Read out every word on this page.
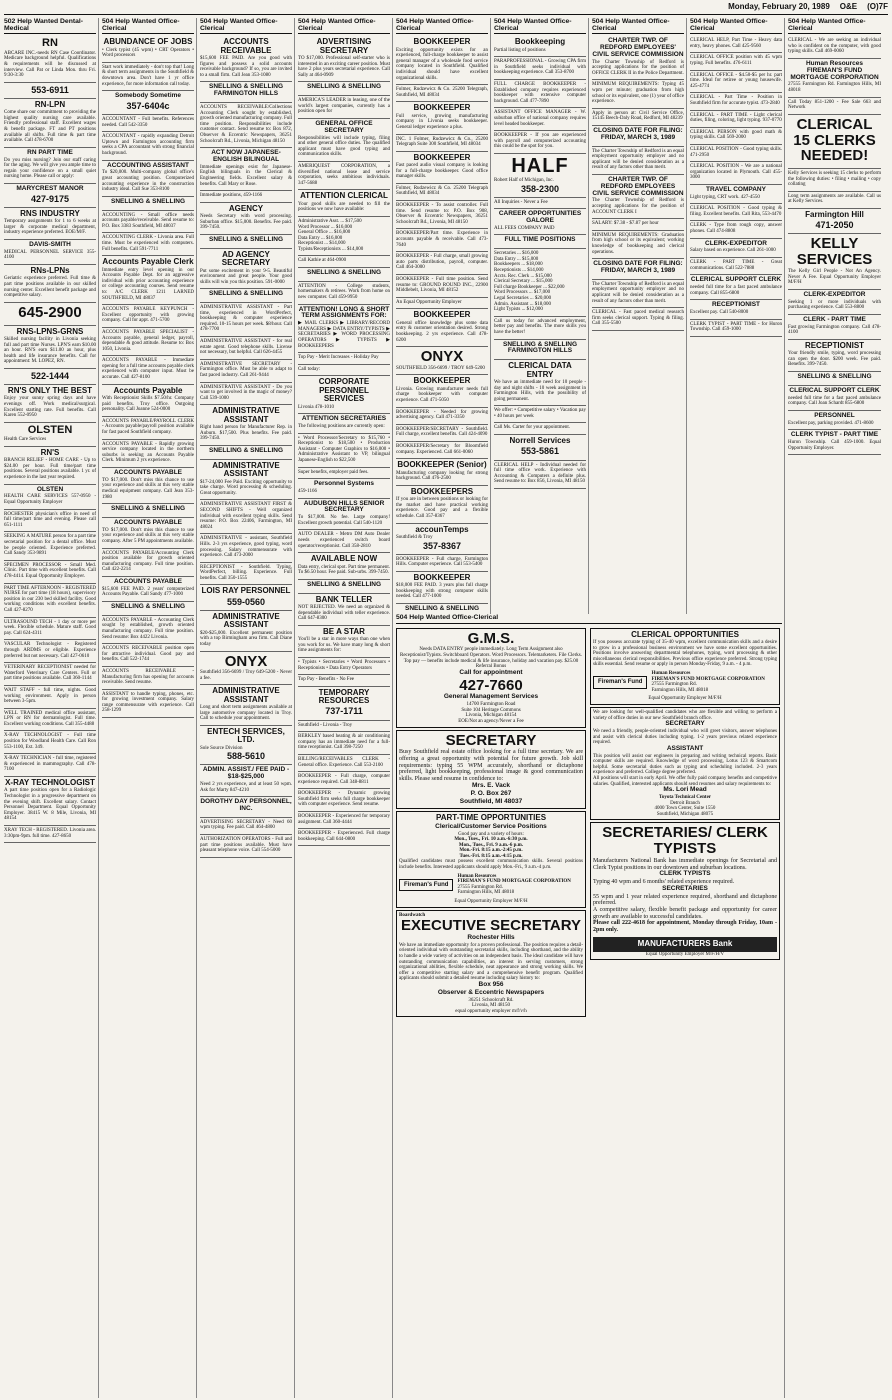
Monday, February 20, 1989 O&E (O)7F
502 Help Wanted Dental-Medical
RN
ABCARE INC.-needs RN Case Coordinator. Medicare background helpful. Qualifications & requirements will be discussed at interview. Call Pat or Linda Mon. thru Fri. 9:30-3:30
553-6911
RN-LPN
Come share our commitment to providing the highest quality nursing care available. Friendly professional staff. Excellent wages & benefit package. FT and PT positions available all shifts. Full time & part time available. Call 478-6700
RN PART TIME
Do you miss nursing? Join our staff caring for the aging. We will give you ample time to regain your confidence on a small quiet nursing home. Please call or apply:
MARYCREST MANOR
427-9175
RNS INDUSTRY
Temporary assignments for 1 to 6 weeks at larger & corporate medical department, industry experience preferred. EOE/M/F.
DAVIS-SMITH
MEDICAL PERSONNEL SERVICE 355-4100
RNs-LPNs
Geriatric experience preferred. Full time & part time positions available in our skilled nursing center. Excellent benefit package and competitive salary.
645-2900
RNS-LPNS-GRNS
Skilled nursing facility in Livonia seeking full and part time Nurses. LPN'S earn $10.00 an hour. RN'S earn $11.00 an hour, plus health and life insurance benefits. Call for appointment: M. LOPEZ, RN.
522-1444
RN'S ONLY THE BEST
Enjoy your sunny spring days and have evenings off. Work medical/surgical. Excellent starting rate. Full benefits. Call Karen 552-0950
OLSTEN
Health Care Services
RN'S
BRANCH RELIEF - HOME CARE - Up to $24.00 per hour. Full time/part time positions. Several positions available. 1 yr. of experience in the last year required.
OLSTEN
HEALTH CARE SERVICES 557-0950 - Equal Opportunity Employer
ROCHESTER physician's office in need of full time/part time and evening. Please call 651-1111
SEEKING A MATURE person for a part time secretarial position for a dental office. Must be people oriented. Experience preferred. Call Sandy 353-9891
SPECIMEN PROCESSOR - Small Med. Clinic. Part time with excellent benefits. Call 478-4414. Equal Opportunity Employer.
PART TIME AFTERNOON - REGISTERED NURSE for part time (18 hours), supervisory position in our 230 bed skilled facility. Good working conditions with excellent benefits. Call 427-8270
ULTRASOUND TECH - 1 day or more per week. Flexible schedule. Mature staff. Good pay. Call 624-4311
VASCULAR Technologist - Registered through ARDMS or eligible. Experience preferred but not necessary. Call 427-0610
VETERINARY RECEPTIONIST needed for Waterford Veterinary Care Centers. Full or part time positions available. Call 360-1144
WAIT STAFF - full time, nights. Good working environment. Apply in person between 3-5pm.
WELL TRAINED medical office assistant, LPN or RN for dermatologist. Full time. Excellent working conditions. Call 355-4488
X-RAY TECHNOLOGIST - Full time position for Woodland Health Care. Call Ron 553-1100, Ext. 349.
X-RAY TECHNICIAN - full time, registered & experienced in mammography. Call 478-7100
X-RAY TECHNOLOGIST
A part time position open for a Radiologic Technologist in a progressive department on the evening shift. Excellent salary. Contact Personnel Department. Equal Opportunity Employer. 38415 W. 8 Mile, Livonia, MI 48154
XRAY TECH - REGISTERED. Livonia area. 3:30pm-9pm. full time. 427-8650
504 Help Wanted Office-Clerical
ABUNDANCE OF JOBS
• Clerk typist (45 wpm) • CRT Operators • Word processors
Start work immediately - don't top that! Long & short term assignments in the Southfield & downtown area. Don't have 1 yr office experience, for more information call today.
Somebody Sometime
357-6404c
ACCOUNTANT - Full benefits. References needed. Call 542-3350
ACCOUNTANT - rapidly expanding Detroit Uptown and Farmington accounting firm seeks a CPA accountant with strong financial background.
ACCOUNTING ASSISTANT
To $20,000. Multi-company global office's great accounting position. Computerized accounting experience in the construction industry ideal. Call Sue 353-8100
SNELLING & SNELLING
ACCOUNTING - Small office needs accounts payable/receivable. Send resume to: P.O. Box 3383 Southfield, MI 48037
ACCOUNTING CLERK - Livonia area. Full time. Must be experienced with computers. Full benefits. Call 591-7711
Accounts Payable Clerk
Immediate entry level opening in our Accounts Payable Dept. for an aggressive individual with prior accounting experience or college accounting courses. Send resume to: A/C CLERK 1211 LARNED SOUTHFIELD, MI 48037
ACCOUNTS PAYABLE KEYPUNCH - Excellent opportunity with growing company. Call for appt. 471-5700
ACCOUNTS PAYABLE SPECIALIST - Accounts payable, general ledger, payroll, dependable & good attitude. Resume to: Box 1050, Livonia.
ACCOUNTS PAYABLE - Immediate opening for a full time accounts payable clerk experienced with computer input. Must be accurate. Call 427-8100
Accounts Payable
With Receptionist Skills $7.50/hr. Company paid benefits. Troy office. Outgoing personality. Call Joanne 524-0000
ACCOUNTS PAYABLE/PAYROLL CLERK - Accounts payable/payroll position available for fast paced Southfield company.
ACCOUNTS PAYABLE - Rapidly growing service company located in the northern suburbs is seeking an Accounts Payable Clerk. Minimum 2 yrs experience.
ACCOUNTS PAYABLE
TO $17,000. Don't miss this chance to use your experience and skills at this very stable medical equipment company. Call Jean 353-1980
SNELLING & SNELLING
ACCOUNTS PAYABLE
TO $17,000. Don't miss this chance to use your experience and skills at this very stable company. After 5 PM appointments available.
ACCOUNTS PAYABLE/Accounting Clerk position available for growth oriented manufacturing company. Full time position. Call 422-2214
ACCOUNTS PAYABLE
$15,600 FEE PAID. 2 years' computerized Accounts Payable. Call Sandy 477-1000
SNELLING & SNELLING
ACCOUNTS PAYABLE - Accounting Clerk sought by established, growth oriented manufacturing company. Full time position. Send resume: Box 4422 Livonia.
ACCOUNTS RECEIVABLE position open for attractive individual. Good pay and benefits. Call 522-1744
ACCOUNTS RECEIVABLE - Manufacturing firm has opening for accounts receivable. Send resume.
ASSISTANT to handle typing, phones, etc. for growing investment company. Salary range commensurate with experience. Call 258-1299
504 Help Wanted Office-Clerical
ACCOUNTS RECEIVABLE
$15,600 FEE PAID. Are you good with figures and possess a solid accounts receivable background? If so, you are invited to a small firm. Call Jean 353-1080
SNELLING & SNELLING FARMINGTON HILLS
ACCOUNTS RECEIVABLE/Collections Accounting Clerk sought by established, growth oriented manufacturing company. Full time position. Responsibilities include customer contact. Send resume to: Box 872, Observer & Eccentric Newspapers, 36251 Schoolcraft Rd., Livonia, Michigan 48150
ACT NOW JAPANESE-ENGLISH BILINGUAL
Immediate openings exist for Japanese-English bilinguals in the Clerical & Engineering fields. Excellent salary & benefits. Call Mary or Rose.
Immediate positions, 459-1166
AGENCY
Needs Secretary with word processing. Suburban office. $15,000. Benefits. Fee paid. 399-7450.
SNELLING & SNELLING
AD AGENCY SECRETARY
Put some excitement in your 9-5. Beautiful environment and great people. Your good skills will win you this position. 591-0000
SNELLING & SNELLING
ADMINISTRATIVE ASSISTANT - Part time, experienced in WordPerfect, bookkeeping & computer experience required. 10-15 hours per week. $8/hour. Call 478-7700
ADMINISTRATIVE ASSISTANT - for real estate agent. Good telephone skills. License not necessary, but helpful. Call 626-4455
ADMINISTRATIVE SECRETARY - Farmington office. Must be able to adapt to fast paced industry. Call 261-9444
ADMINISTRATIVE ASSISTANT - Do you want to get involved in the magic of money? Call 539-1000
ADMINISTRATIVE ASSISTANT
Right hand person for Manufacturer Rep. in Auburn. $17,500. Plus benefits. Fee paid. 399-7450.
SNELLING & SNELLING
ADMINISTRATIVE ASSISTANT
$17-24,000 Fee Paid. Exciting opportunity to take charge. Word processing & scheduling. Great opportunity.
ADMINISTRATIVE ASSISTANT FIRST & SECOND SHIFTS - Well organized individual with excellent typing skills. Send resume: P.O. Box 22406, Farmington, MI 48024
ADMINISTRATIVE - assistant, Southfield Hills. 2-3 yrs experience, good typing, word processing. Salary commensurate with experience. Call 473-2000
RECEPTIONIST - Southfield. Typing, WordPerfect, billing. Experience. Full benefits. Call 350-1555
LOIS RAY PERSONNEL
559-0560
ADMINISTRATIVE ASSISTANT
$20-$25,000. Excellent permanent position with a top Birmingham area firm. Call Diane today
ONYX
Southfield 356-6699 / Troy 649-5200 - Never a fee.
ADMINISTRATIVE ASSISTANT
Long and short term assignments available at large automotive company located in Troy. Call to schedule your appointment.
ENTECH SERVICES, LTD.
Sole Source Division
588-5610
ADMIN. ASSIST./ FEE PAID - $18-$25,000
Need 2 yrs experience, and at least 50 wpm. Ask for Marty 847-4210
DOROTHY DAY PERSONNEL, INC.
ADVERTISING SECRETARY - Need 60 wpm typing. Fee paid. Call 464-4800
AUTHORIZATION OPERATORS - Full and part time positions available. Must have pleasant telephone voice. Call 554-5000
504 Help Wanted Office-Clerical
ADVERTISING SECRETARY
TO $17,000. Professional self-starter who is interested in an exciting career position. Must have 2 plus years secretarial experience. Call Sally at 464-0909
SNELLING & SNELLING
AMERICA'S LEADER in leasing, one of the world's largest companies, currently has a position open for
GENERAL OFFICE SECRETARY
Responsibilities will include typing, filing and other general office duties. The qualified applicant must have good typing and communication skills.
AMERIQUEST CORPORATION, a diversified national lease and service corporation, seeks ambitious individuals. 347-5688
ATTENTION CLERICAL
Your good skills are needed to fill the positions we now have available:
Administrative Asst. ... $17,500
Word Processor ... $16,000
General Office ... $16,000
Data Entry ... $16,000
Receptionist ... $14,000
Typists/Receptionists ... $14,000
Call Kathie at 464-0900
SNELLING & SNELLING
ATTENTION - College students, homemakers & retirees. Work from home on new computer. Call 459-9950
ATTENTION! LONG & SHORT TERM ASSIGNMENTS FOR:
▶ MAIL CLERKS ▶ LIBRARY/RECORD MANAGERS ▶ DATA ENTRY/TYPISTS ▶ SECRETARIES ▶ WORD PROCESSING OPERATORS ▶ TYPISTS ▶ BOOKKEEPERS
Top Pay - Merit Increases - Holiday Pay
Call today:
CORPORATE PERSONNEL SERVICES
Livonia 478-1010
ATTENTION SECRETARIES
The following positions are currently open:
• Word Processor/Secretary to $15,760 • Receptionist to $18,500 • Production Assistant - Computer Graphics to $16,000 • Administrative Assistant to VP, bilingual Japanese-English to $22,500
Super benefits, employer paid fees.
Personnel Systems
459-1166
AUDUBON HILLS SENIOR SECRETARY
To $17,000. No fee. Large company! Excellent growth potential. Call 540-1120
AUTO DEALER - Metro DM Auto Dealer needs experienced switch board operator/receptionist. Call 358-2810
AVAILABLE NOW
Data entry, clerical spot. Part time permanent. To $6.50 hour. Fee paid. Sub-urbs. 399-7450.
SNELLING & SNELLING
BANK TELLER
NOT REJECTED. We need an organized & dependable individual with teller experience. Call 647-8300
BE A STAR
You'll be a star in more ways than one when you work for us. We have many long & short time assignments for:
• Typists • Secretaries • Word Processors • Receptionists • Data Entry Operators
Top Pay - Benefits - No Fee
TEMPORARY RESOURCES
737-1711
Southfield - Livonia - Troy
BERKLEY based heating & air conditioning company has an immediate need for a full-time receptionist. Call 398-7250
BILLING/RECEIVABLES CLERK - General office. Experience. Call 553-2100
BOOKKEEPER - Full charge, computer experience required. Call 348-8811
BOOKKEEPER - Dynamic growing Southfield firm seeks full charge bookkeeper with computer experience. Send resume.
BOOKKEEPER - Experienced for temporary assignment. Call 360-4444
BOOKKEEPER - Experienced. Full charge bookkeeping. Call 644-0800
504 Help Wanted Office-Clerical
BOOKKEEPER
Exciting opportunity exists for an experienced, full-charge bookkeeper to assist general manager of a wholesale food service company located in Southfield. Qualified individual should have excellent organizational skills.
Folmer, Rudzewicz & Co. 25200 Telegraph, Southfield, MI 48034
BOOKKEEPER
Full service, growing manufacturing company in Livonia seeks bookkeeper. General ledger experience a plus.
INC. 1 Folmer, Rudzewicz & Co., 25200 Telegraph Suite 300 Southfield, MI 48034
BOOKKEEPER
Fast paced audio visual company is looking for a full-charge bookkeeper. Good office manager skills.
Folmer, Rudzewicz & Co. 25200 Telegraph Southfield, MI 48034
BOOKKEEPER - To assist controller. Full time. Send resume to: P.O. Box 908, Observer & Eccentric Newspapers, 36251 Schoolcraft Rd., Livonia, MI 48150
BOOKKEEPER/Part time. Experience in accounts payable & receivable. Call 473-7640
BOOKKEEPER - Full charge, small growing auto parts distribution, payroll, computer. Call 464-3000
BOOKKEEPER - Full time position. Send resume to: GROUND ROUND INC., 22900 Middlebelt, Livonia, MI 48152
An Equal Opportunity Employer
BOOKKEEPER
General office knowledge plus some data entry & customer orientation desired. Strong bookkeeping. 2 yrs experience. Call 478-6200
ONYX
SOUTHFIELD 356-6699 / TROY 649-5200
BOOKKEEPER
Livonia. Growing manufacturer needs full charge bookkeeper with computer experience. Call 471-5050
BOOKKEEPER - Needed for growing advertising agency. Call 471-3350
BOOKKEEPER/SECRETARY - Southfield. Full charge, excellent benefits. Call 424-4090
BOOKKEEPER/Secretary for Bloomfield company. Experienced. Call 661-0060
BOOKKEEPER (Senior)
Manufacturing company looking for strong background. Call 476-2500
BOOKKEEPERS
If you are in between positions or looking for the market and have practical working experience. Good pay and a flexible schedule. Call 357-8367
accounTemps
Southfield & Troy
357-8367
BOOKKEEPER - Full charge, Farmington Hills. Computer experience. Call 553-5400
BOOKKEEPER
$18,000 FEE PAID. 3 years plus full charge bookkeeping with strong computer skills needed. Call 477-1000
SNELLING & SNELLING
504 Help Wanted Office-Clerical
Bookkeeping
Partial listing of positions
PARAPROFESSIONAL - Growing CPA firm in Southfield seeks individual with bookkeeping experience. Call 353-8700
FULL CHARGE BOOKKEEPER - Established company requires experienced bookkeeper with extensive computer background. Call 477-7890
ASSISTANT OFFICE MANAGER - W. suburban office of national company requires level headed bookkeeper.
BOOKKEEPER - If you are experienced with payroll and computerized accounting this could be the spot for you.
HALF
Robert Half of Michigan, Inc.
358-2300
All Inquiries - Never a Fee
CAREER OPPORTUNITIES GALORE
ALL FEES COMPANY PAID
FULL TIME POSITIONS
Secretaries ... $16,000
Data Entry ... $15,000
Bookkeepers ... $18,000
Receptionists ... $14,000
Accts. Rec. Clerk ... $15,000
Clerical Secretary ... $15,000
Full charge Bookkeeper ... $22,000
Word Processors ... $17,000
Legal Secretaries ... $20,000
Admin. Assistant ... $18,000
Light Typists ... $12,000
Call us today for advanced employment, better pay and benefits. The more skills you have the better!
SNELLING & SNELLING FARMINGTON HILLS
CLERICAL DATA ENTRY
We have an immediate need for 10 people - day and night shifts - 10 week assignment in Farmington Hills, with the possibility of going permanent.
We offer: • Competitive salary • Vacation pay • 40 hours per week
Call Ms. Carter for your appointment.
Norrell Services
553-5861
CLERICAL HELP - Individual needed for full time office work. Experience with Accounting & Computers a definite plus. Send resume to: Box 856, Livonia, MI 48150
504 Help Wanted Office-Clerical
CHARTER TWP. OF REDFORD EMPLOYEES' CIVIL SERVICE COMMISSION
The Charter Township of Redford is accepting applications for the position of OFFICE CLERK II in the Police Department.
MINIMUM REQUIREMENTS: Typing 45 wpm per minute; graduation from high school or its equivalent, one (1) year of office experience.
Apply in person at: Civil Service Office, 15145 Beech-Daly Road, Redford, MI 48239
CLOSING DATE FOR FILING: FRIDAY, MARCH 3, 1989
The Charter Township of Redford is an equal employment opportunity employer and no applicant will be denied consideration as a result of any factors other than merit.
CHARTER TWP. OF REDFORD EMPLOYEES CIVIL SERVICE COMMISSION
The Charter Township of Redford is accepting applications for the position of ACCOUNT CLERK I
SALARY: $7.38 - $7.87 per hour
MINIMUM REQUIREMENTS: Graduation from high school or its equivalent; working knowledge of bookkeeping and clerical operations.
CLOSING DATE FOR FILING: FRIDAY, MARCH 3, 1989
The Charter Township of Redford is an equal employment opportunity employer and no applicant will be denied consideration as a result of any factors other than merit.
CLERICAL - Fast paced medical research firm seeks clerical support. Typing & filing. Call 355-5500
504 Help Wanted Office-Clerical
CLERICAL HELP, Part Time - Heavy data entry, heavy phones. Call 425-9560
CLERICAL OFFICE position with 45 wpm typing. Full benefits. 476-6111
CLERICAL OFFICE - $4.50-$5 per hr. part time. Ideal for retiree or young housewife. 425-4774
CLERICAL - Part Time - Position in Southfield firm for accurate typist. 473-2840
CLERICAL - PART TIME - Light clerical duties, filing, coloring, light typing. 937-0770
CLERICAL PERSON with good math & typing skills. Call 569-2000
CLERICAL POSITION - Good typing skills. 471-2950
CLERICAL POSITION - We are a national organization located in Plymouth. Call 455-3000
TRAVEL COMPANY
Light typing, CRT work. 427-4550
CLERICAL POSITION - Good typing & filing. Excellent benefits. Call Rita, 553-4470
CLERK - Type from rough copy, answer phones. Call 474-8808
CLERK-EXPEDITOR
Salary based on experience. Call 261-1000
CLERK - PART TIME - Great communications. Call 522-7888
CLERICAL SUPPORT CLERK
needed full time for a fast paced ambulance company. Call 855-6800
RECEPTIONIST
Excellent pay. Call 540-8000
CLERK TYPIST - PART TIME - for Huron Township. Call 459-1000
504 Help Wanted Office-Clerical
CLERICAL - We are seeking an individual who is confident on the computer, with good typing skills. Call 469-0060
Human Resources FIREMAN'S FUND MORTGAGE CORPORATION
27555 Farmington Rd. Farmington Hills, MI 48018
Call Today 851-1200 - Fee Sale 663 and Network
CLERICAL 15 CLERKS NEEDED!
Kelly Services is seeking 15 clerks to perform the following duties: • filing • mailing • copy collating
Long term assignments are available. Call us at Kelly Services.
Farmington Hill
471-2050
KELLY SERVICES
The Kelly Girl People - Not An Agency. Never A Fee. Equal Opportunity Employer M/F/H
CLERK-EXPEDITOR
Seeking 1 or more individuals with purchasing experience. Call 553-8800
CLERK - PART TIME
Fast growing Farmington company. Call 478-4100
RECEPTIONIST
Your friendly smile, typing, word processing can open the door. $200 week. Fee paid. Benefits. 399-7450.
SNELLING & SNELLING
CLERICAL SUPPORT CLERK
needed full time for a fast paced ambulance company. Call Joan Schardt 855-6800
PERSONNEL
Excellent pay, parking provided. 471-8600
CLERK TYPIST - PART TIME
Huron Township. Call 459-1000. Equal Opportunity Employer.
504 Help Wanted Office-Clerical
G.M.S.
Needs DATA ENTRY people immediately. Long Term Assignment also Receptionist/Typists. Switchboard Operators. Word Processors. Telemarketers. File Clerks. Top pay — benefits include medical & life insurance, holiday and vacation pay. $25.00 Referral Bonus
Call for appointment
427-7660
General Management Services
14700 Farmington Road
Suite 104 Heritage Commons
Livonia, Michigan 48154
EOE/Not an agency/Never a Fee
SECRETARY
Busy Southfield real estate office looking for a full time secretary. We are offering a great opportunity with potential for future growth. Job skill requirements: typing 55 WPM accurately, shorthand or dictaphone preferred, light bookkeeping, professional image & good communication skills. Please send resume in confidence to:
Mrs. E. Vack
P. O. Box 267
Southfield, MI 48037
PART-TIME OPPORTUNITIES
Clerical/Customer Service Positions
Good pay and a variety of hours:
Mon., Tues., Fri. 10 a.m.-6:30 p.m.
Mon., Tues., Fri. 9 a.m.-6 p.m.
Mon.-Fri. 8:15 a.m.-2:45 p.m.
Tues.-Fri. 8:15 a.m.-4:15 p.m.
Qualified candidates must possess excellent communication skills. Several positions include benefits. Interested applicants should apply Mon.-Fri., 9 a.m.-4 p.m.
Fireman's Fund
Human Resources
FIREMAN'S FUND MORTGAGE CORPORATION
27555 Farmington Rd.
Farmington Hills, MI 48018
Equal Opportunity Employer M/F/H
Boardwatch
EXECUTIVE SECRETARY
Rochester Hills
We have an immediate opportunity for a proven professional. The position requires a detail-oriented individual with outstanding secretarial skills, including shorthand, and the ability to handle a wide variety of activities on an independent basis. The ideal candidate will have outstanding communication capabilities, an interest in serving customers, strong organizational abilities, flexible schedule, neat appearance and strong working skills. We offer a competitive starting salary and a comprehensive benefit program. Qualified applicants should submit a detailed resume including salary history to:
Box 956
Observer & Eccentric Newspapers
36251 Schoolcraft Rd.
Livonia, MI 48150
equal opportunity employer m/f/v/h
CLERICAL OPPORTUNITIES
If you possess accurate typing of 35-40 wpm, excellent communication skills and a desire to grow in a professional business environment we have some excellent opportunities. Positions involve answering departmental telephones, typing, word processing & other miscellaneous clerical responsibilities. Previous office experience preferred. Strong typing skills essential. Send resume or apply in person Monday-Friday, 9 a.m. - 4 p.m.
Fireman's Fund
Human Resources
FIREMAN'S FUND MORTGAGE CORPORATION
27555 Farmington Rd.
Farmington Hills, MI 48018
Equal Opportunity Employer M/F/H
We are looking for well-qualified candidates who are flexible and willing to perform a variety of office duties in our new Southfield branch office.
SECRETARY
We need a friendly, people-oriented individual who will greet visitors, answer telephones and assist with clerical duties including typing. 1-2 years previous related experience required.
ASSISTANT
This position will assist our engineers in preparing and writing technical reports. Basic computer skills are required. Knowledge of word processing, Lotus 123 & Smartcom helpful. Some secretarial duties such as typing and scheduling included. 2-3 years experience and preferred. College degree preferred.
All positions will start in early April. We offer fully paid company benefits and competitive salaries. Qualified, interested applicants should send resumes and salary requirements to:
Ms. Lori Mead
Toyota Technical Center
Detroit Branch
4000 Town Center, Suite 1550
Southfield, Michigan 48075
SECRETARIES/ CLERK TYPISTS
Manufacturers National Bank has immediate openings for Secretarial and Clerk Typist positions in our downtown and suburban locations.
CLERK TYPISTS
Typing 40 wpm and 6 months' related experience required.
SECRETARIES
55 wpm and 1 year related experience required, shorthand and dictaphone preferred.
A competitive salary, flexible benefit package and opportunity for career growth are available to successful candidates.
Please call 222-4618 for appointment, Monday through Friday, 10am - 2pm only.
MANUFACTURERS Bank
Equal Opportunity Employer M/F/H/V
